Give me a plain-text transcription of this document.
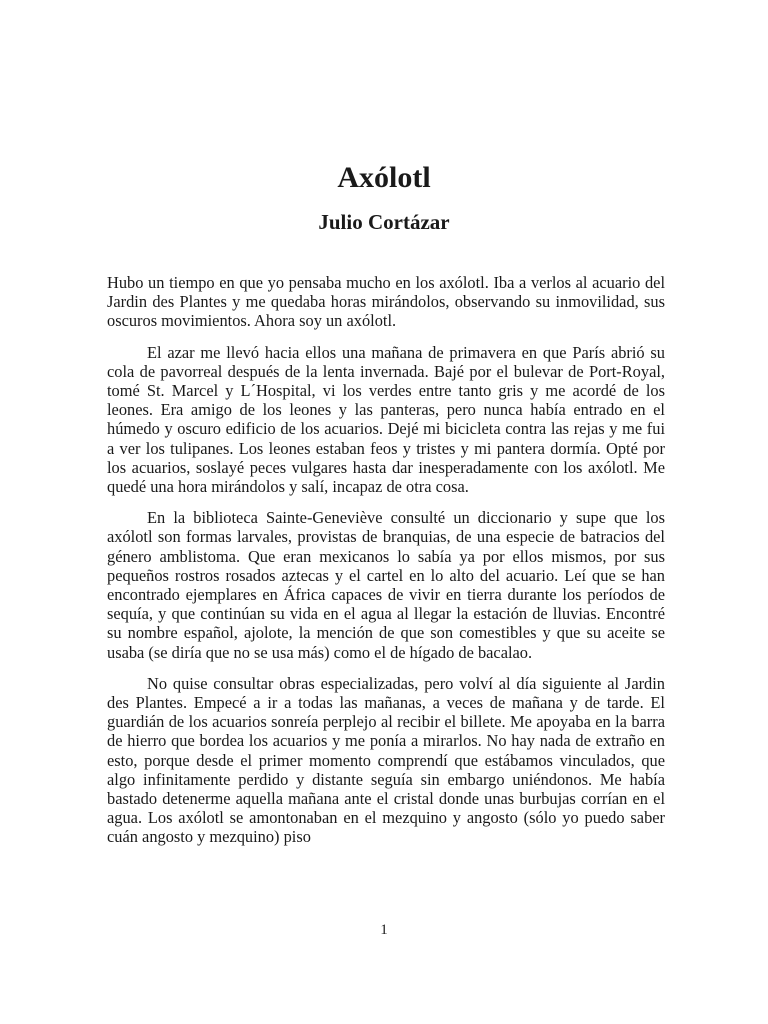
Axólotl
Julio Cortázar

Hubo un tiempo en que yo pensaba mucho en los axólotl. Iba a verlos al acuario del Jardin des Plantes y me quedaba horas mirándolos, observando su inmovilidad, sus oscuros movimientos. Ahora soy un axólotl.

El azar me llevó hacia ellos una mañana de primavera en que París abrió su cola de pavorreal después de la lenta invernada. Bajé por el bulevar de Port-Royal, tomé St. Marcel y L´Hospital, vi los verdes entre tanto gris y me acordé de los leones. Era amigo de los leones y las panteras, pero nunca había entrado en el húmedo y oscuro edificio de los acuarios. Dejé mi bicicleta contra las rejas y me fui a ver los tulipanes. Los leones estaban feos y tristes y mi pantera dormía. Opté por los acuarios, soslayé peces vulgares hasta dar inesperadamente con los axólotl. Me quedé una hora mirándolos y salí, incapaz de otra cosa.

En la biblioteca Sainte-Geneviève consulté un diccionario y supe que los axólotl son formas larvales, provistas de branquias, de una especie de batracios del género amblistoma. Que eran mexicanos lo sabía ya por ellos mismos, por sus pequeños rostros rosados aztecas y el cartel en lo alto del acuario. Leí que se han encontrado ejemplares en África capaces de vivir en tierra durante los períodos de sequía, y que continúan su vida en el agua al llegar la estación de lluvias. Encontré su nombre español, ajolote, la mención de que son comestibles y que su aceite se usaba (se diría que no se usa más) como el de hígado de bacalao.

No quise consultar obras especializadas, pero volví al día siguiente al Jardin des Plantes. Empecé a ir a todas las mañanas, a veces de mañana y de tarde. El guardián de los acuarios sonreía perplejo al recibir el billete. Me apoyaba en la barra de hierro que bordea los acuarios y me ponía a mirarlos. No hay nada de extraño en esto, porque desde el primer momento comprendí que estábamos vinculados, que algo infinitamente perdido y distante seguía sin embargo uniéndonos. Me había bastado detenerme aquella mañana ante el cristal donde unas burbujas corrían en el agua. Los axólotl se amontonaban en el mezquino y angosto (sólo yo puedo saber cuán angosto y mezquino) piso

1
